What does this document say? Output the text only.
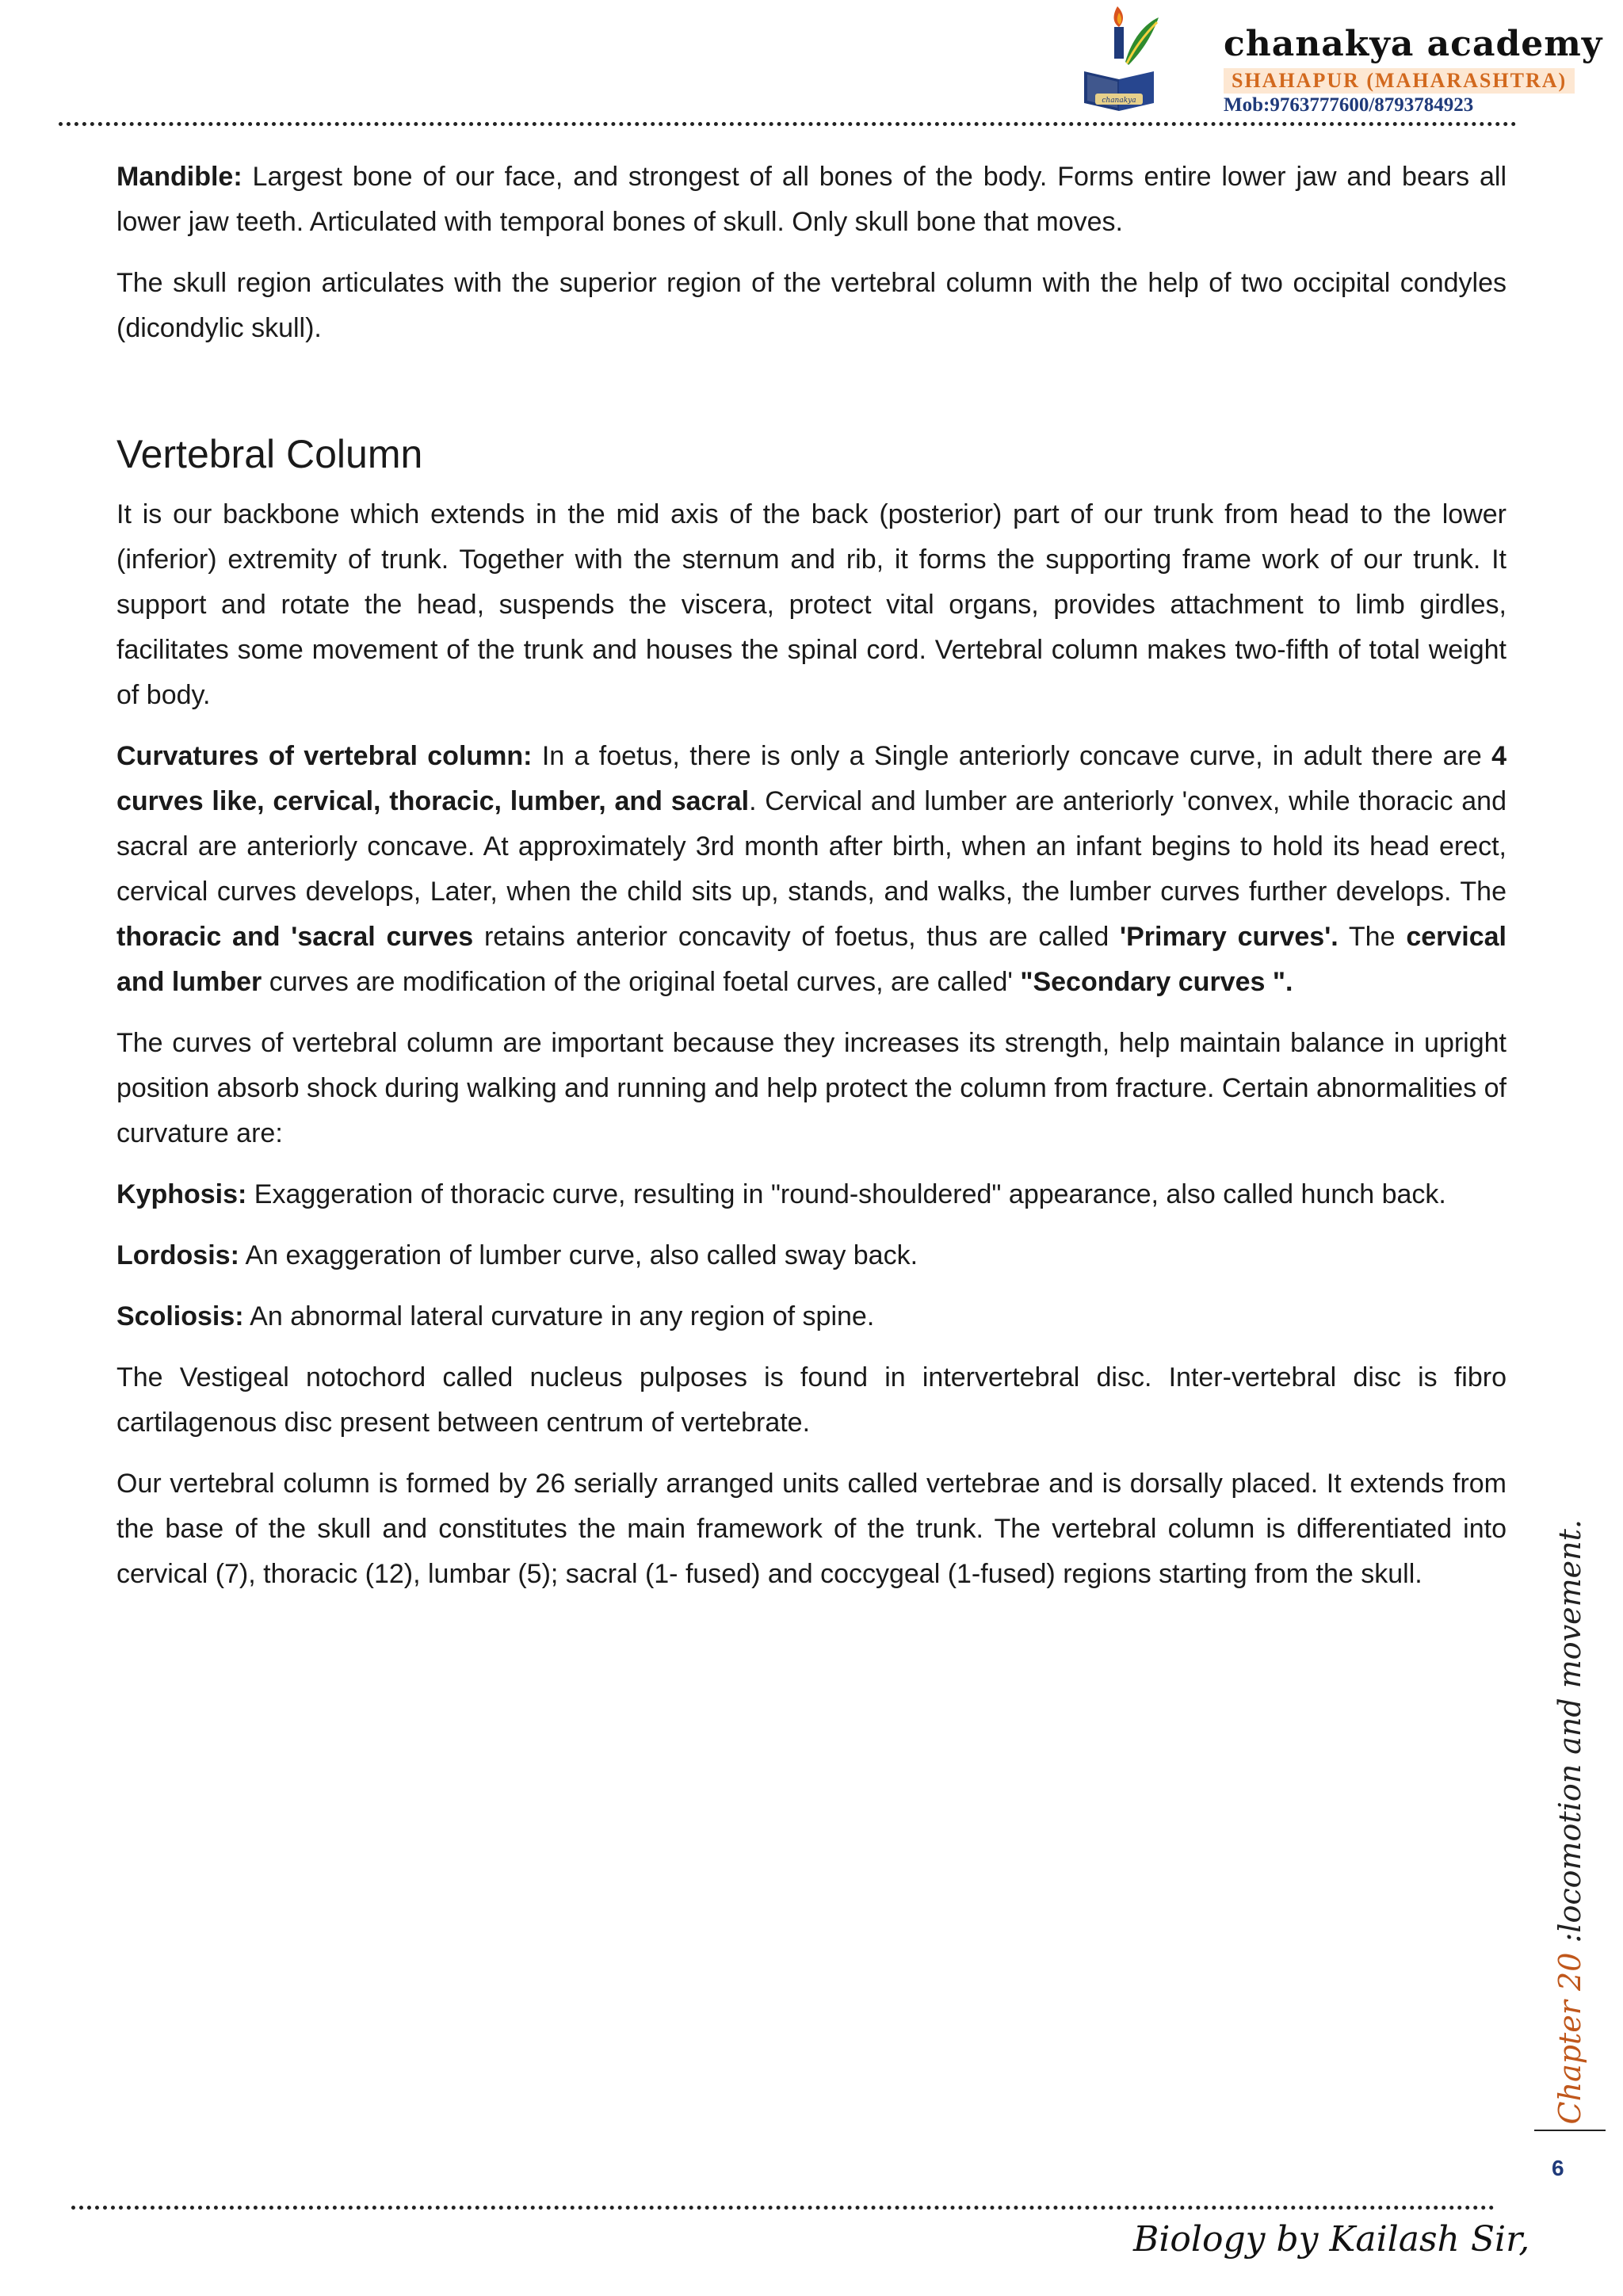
chanakya
chanakya academy
SHAHAPUR (MAHARASHTRA)
Mob:9763777600/8793784923

Mandible: Largest bone of our face, and strongest of all bones of the body. Forms entire lower jaw and bears all lower jaw teeth. Articulated with temporal bones of skull. Only skull bone that moves.

The skull region articulates with the superior region of the vertebral column with the help of two occipital condyles (dicondylic skull).

Vertebral Column

It is our backbone which extends in the mid axis of the back (posterior) part of our trunk from head to the lower (inferior) extremity of trunk. Together with the sternum and rib, it forms the supporting frame work of our trunk. It support and rotate the head, suspends the viscera, protect vital organs, provides attachment to limb girdles, facilitates some movement of the trunk and houses the spinal cord. Vertebral column makes two-fifth of total weight of body.

Curvatures of vertebral column: In a foetus, there is only a Single anteriorly concave curve, in adult there are 4 curves like, cervical, thoracic, lumber, and sacral. Cervical and lumber are anteriorly 'convex, while thoracic and sacral are anteriorly concave. At approximately 3rd month after birth, when an infant begins to hold its head erect, cervical curves develops, Later, when the child sits up, stands, and walks, the lumber curves further develops. The thoracic and 'sacral curves retains anterior concavity of foetus, thus are called 'Primary curves'. The cervical and lumber curves are modification of the original foetal curves, are called' "Secondary curves ".

The curves of vertebral column are important because they increases its strength, help maintain balance in upright position absorb shock during walking and running and help protect the column from fracture. Certain abnormalities of curvature are:

Kyphosis: Exaggeration of thoracic curve, resulting in "round-shouldered" appearance, also called hunch back.

Lordosis: An exaggeration of lumber curve, also called sway back.

Scoliosis: An abnormal lateral curvature in any region of spine.

The Vestigeal notochord called nucleus pulposes is found in intervertebral disc. Inter-vertebral disc is fibro cartilagenous disc present between centrum of vertebrate.

Our vertebral column is formed by 26 serially arranged units called vertebrae and is dorsally placed. It extends from the base of the skull and constitutes the main framework of the trunk. The vertebral column is differentiated into cervical (7), thoracic (12), lumbar (5); sacral (1- fused) and coccygeal (1-fused) regions starting from the skull.

Chapter 20 :locomotion and movement.
6
Biology by Kailash Sir,
